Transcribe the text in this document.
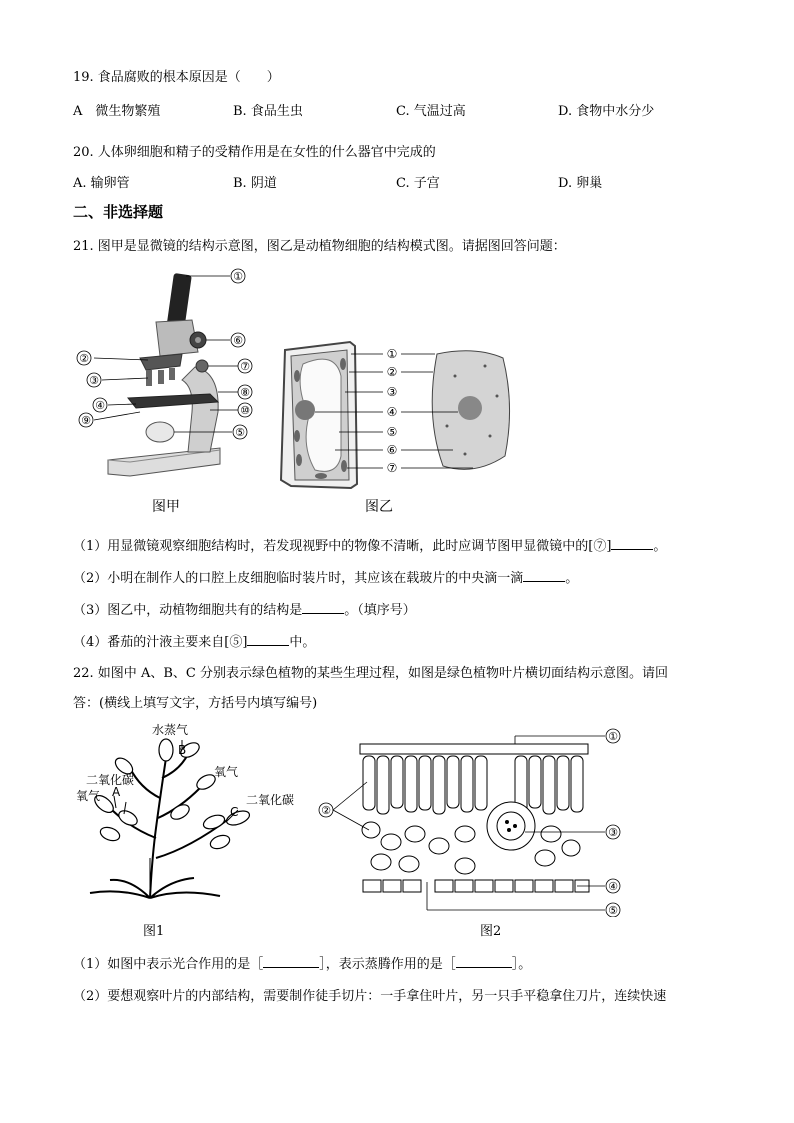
19. 食品腐败的根本原因是（　　）
A　微生物繁殖	B. 食品生虫	C. 气温过高	D. 食物中水分少
20. 人体卵细胞和精子的受精作用是在女性的什么器官中完成的
A. 输卵管	B. 阴道	C. 子宫	D. 卵巢
二、非选择题
21. 图甲是显微镜的结构示意图，图乙是动植物细胞的结构模式图。请据图回答问题：
①
⑥
⑦
⑧
⑩
⑤
②
③
④
⑨
①
②
③
④
⑤
⑥
⑦
图甲	图乙
（1）用显微镜观察细胞结构时，若发现视野中的物像不清晰，此时应调节图甲显微镜中的[⑦]	。
（2）小明在制作人的口腔上皮细胞临时装片时，其应该在载玻片的中央滴一滴	。
（3）图乙中，动植物细胞共有的结构是	。（填序号）
（4）番茄的汁液主要来自[⑤]	中。
22. 如图中 A、B、C 分别表示绿色植物的某些生理过程，如图是绿色植物叶片横切面结构示意图。请回
答：(横线上填写文字，方括号内填写编号)
水蒸气
B
二氧化碳
氧气 A
氧气
二氧化碳
C
①
②
③
④
⑤
图1	图2
（1）如图中表示光合作用的是［	］，表示蒸腾作用的是［	］。
（2）要想观察叶片的内部结构，需要制作徒手切片：一手拿住叶片，另一只手平稳拿住刀片，连续快速
